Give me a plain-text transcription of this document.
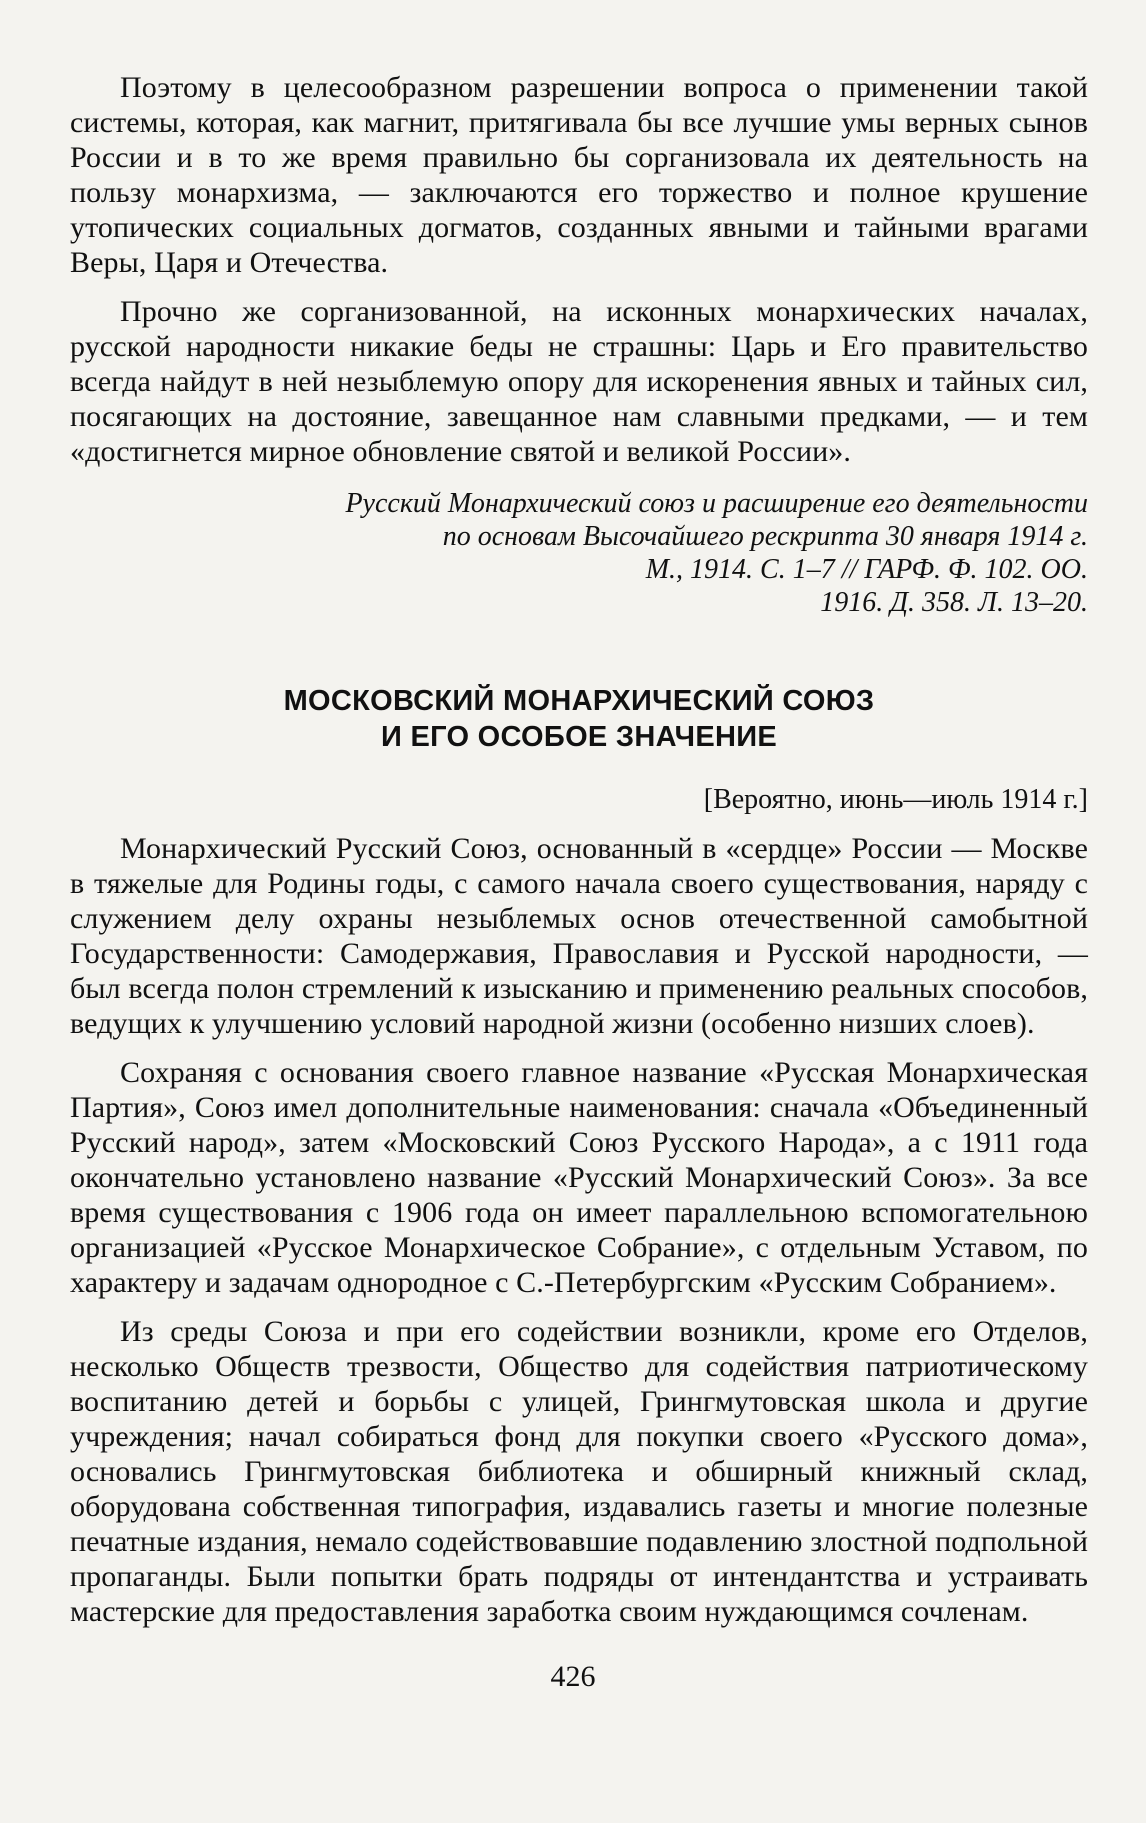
Поэтому в целесообразном разрешении вопроса о применении такой системы, которая, как магнит, притягивала бы все лучшие умы верных сынов России и в то же время правильно бы сорганизовала их деятельность на пользу монархизма, — заключаются его торжество и полное крушение утопических социальных догматов, созданных явными и тайными врагами Веры, Царя и Отечества.

Прочно же сорганизованной, на исконных монархических началах, русской народности никакие беды не страшны: Царь и Его правительство всегда найдут в ней незыблемую опору для искоренения явных и тайных сил, посягающих на достояние, завещанное нам славными предками, — и тем «достигнется мирное обновление святой и великой России».

Русский Монархический союз и расширение его деятельности
по основам Высочайшего рескрипта 30 января 1914 г.
М., 1914. С. 1–7 // ГАРФ. Ф. 102. ОО.
1916. Д. 358. Л. 13–20.
МОСКОВСКИЙ МОНАРХИЧЕСКИЙ СОЮЗ
И ЕГО ОСОБОЕ ЗНАЧЕНИЕ
[Вероятно, июнь—июль 1914 г.]

Монархический Русский Союз, основанный в «сердце» России — Москве в тяжелые для Родины годы, с самого начала своего существования, наряду с служением делу охраны незыблемых основ отечественной самобытной Государственности: Самодержавия, Православия и Русской народности, — был всегда полон стремлений к изысканию и применению реальных способов, ведущих к улучшению условий народной жизни (особенно низших слоев).

Сохраняя с основания своего главное название «Русская Монархическая Партия», Союз имел дополнительные наименования: сначала «Объединенный Русский народ», затем «Московский Союз Русского Народа», а с 1911 года окончательно установлено название «Русский Монархический Союз». За все время существования с 1906 года он имеет параллельною вспомогательною организацией «Русское Монархическое Собрание», с отдельным Уставом, по характеру и задачам однородное с С.-Петербургским «Русским Собранием».

Из среды Союза и при его содействии возникли, кроме его Отделов, несколько Обществ трезвости, Общество для содействия патриотическому воспитанию детей и борьбы с улицей, Грингмутовская школа и другие учреждения; начал собираться фонд для покупки своего «Русского дома», основались Грингмутовская библиотека и обширный книжный склад, оборудована собственная типография, издавались газеты и многие полезные печатные издания, немало содействовавшие подавлению злостной подпольной пропаганды. Были попытки брать подряды от интендантства и устраивать мастерские для предоставления заработка своим нуждающимся сочленам.

426
